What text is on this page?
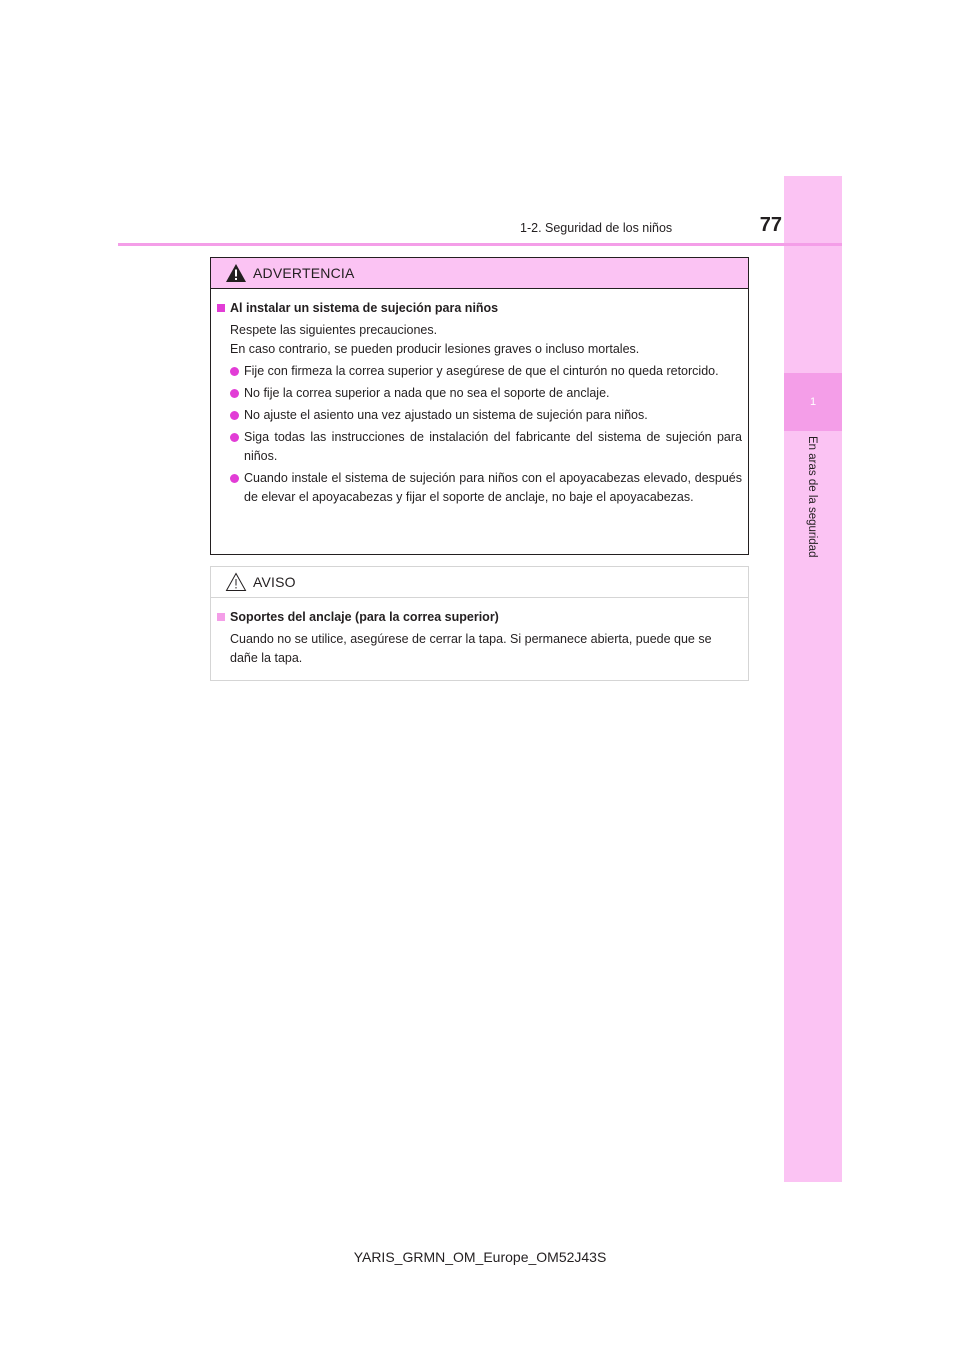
1
En aras de la seguridad
1-2. Seguridad de los niños	77
ADVERTENCIA
Al instalar un sistema de sujeción para niños
Respete las siguientes precauciones.
En caso contrario, se pueden producir lesiones graves o incluso mortales.
Fije con firmeza la correa superior y asegúrese de que el cinturón no queda retorcido.
No fije la correa superior a nada que no sea el soporte de anclaje.
No ajuste el asiento una vez ajustado un sistema de sujeción para niños.
Siga todas las instrucciones de instalación del fabricante del sistema de sujeción para niños.
Cuando instale el sistema de sujeción para niños con el apoyacabezas elevado, después de elevar el apoyacabezas y fijar el soporte de anclaje, no baje el apoyacabezas.
AVISO
Soportes del anclaje (para la correa superior)
Cuando no se utilice, asegúrese de cerrar la tapa. Si permanece abierta, puede que se dañe la tapa.
YARIS_GRMN_OM_Europe_OM52J43S
